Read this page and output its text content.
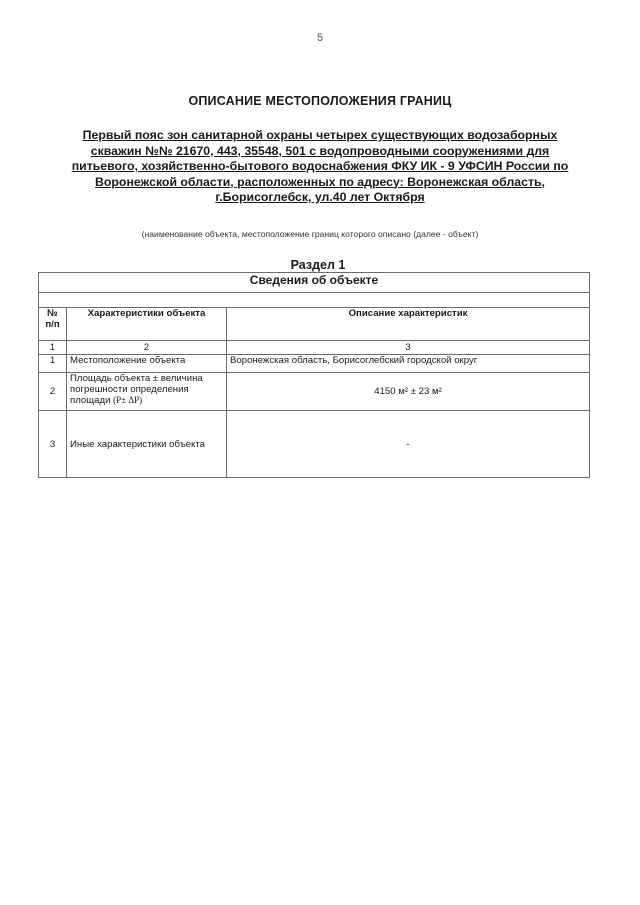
5
ОПИСАНИЕ МЕСТОПОЛОЖЕНИЯ ГРАНИЦ
Первый пояс зон санитарной охраны четырех существующих водозаборных
скважин №№ 21670, 443, 35548, 501 с водопроводными сооружениями для
питьевого, хозяйственно-бытового водоснабжения ФКУ ИК - 9 УФСИН России по
Воронежской области, расположенных по адресу: Воронежская область,
г.Борисоглебск, ул.40 лет Октября
(наименование объекта, местоположение границ которого описано (далее - объект)
Раздел 1
Сведения об объекте		

№ п/п	Характеристики объекта	Описание характеристик
1	2	3
1	Местоположение объекта	Воронежская область, Борисоглебский городской округ
2	Площадь объекта ± величина погрешности определения площади (P± ΔP)	4150 м² ± 23 м²
3	Иные характеристики объекта	-
